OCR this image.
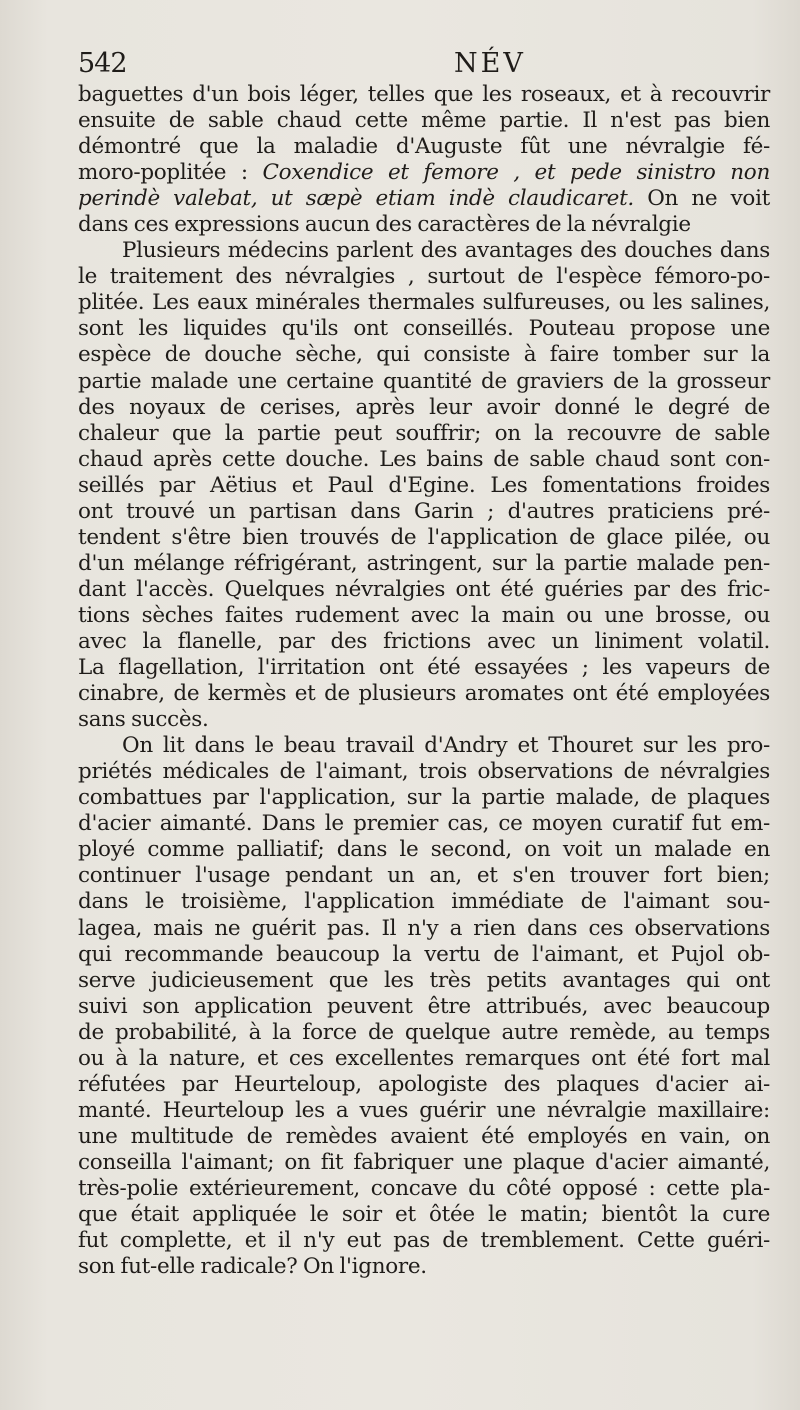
542	NÉV
baguettes d'un bois léger, telles que les roseaux, et à recouvrir
ensuite de sable chaud cette même partie. Il n'est pas bien
démontré que la maladie d'Auguste fût une névralgie fé-
moro-poplitée : Coxendice et femore , et pede sinistro non
perindè valebat, ut sæpè etiam indè claudicaret. On ne voit
dans ces expressions aucun des caractères de la névralgie
Plusieurs médecins parlent des avantages des douches dans
le traitement des névralgies , surtout de l'espèce fémoro-po-
plitée. Les eaux minérales thermales sulfureuses, ou les salines,
sont les liquides qu'ils ont conseillés. Pouteau propose une
espèce de douche sèche, qui consiste à faire tomber sur la
partie malade une certaine quantité de graviers de la grosseur
des noyaux de cerises, après leur avoir donné le degré de
chaleur que la partie peut souffrir; on la recouvre de sable
chaud après cette douche. Les bains de sable chaud sont con-
seillés par Aëtius et Paul d'Egine. Les fomentations froides
ont trouvé un partisan dans Garin ; d'autres praticiens pré-
tendent s'être bien trouvés de l'application de glace pilée, ou
d'un mélange réfrigérant, astringent, sur la partie malade pen-
dant l'accès. Quelques névralgies ont été guéries par des fric-
tions sèches faites rudement avec la main ou une brosse, ou
avec la flanelle, par des frictions avec un liniment volatil.
La flagellation, l'irritation ont été essayées ; les vapeurs de
cinabre, de kermès et de plusieurs aromates ont été employées
sans succès.
On lit dans le beau travail d'Andry et Thouret sur les pro-
priétés médicales de l'aimant, trois observations de névralgies
combattues par l'application, sur la partie malade, de plaques
d'acier aimanté. Dans le premier cas, ce moyen curatif fut em-
ployé comme palliatif; dans le second, on voit un malade en
continuer l'usage pendant un an, et s'en trouver fort bien;
dans le troisième, l'application immédiate de l'aimant sou-
lagea, mais ne guérit pas. Il n'y a rien dans ces observations
qui recommande beaucoup la vertu de l'aimant, et Pujol ob-
serve judicieusement que les très petits avantages qui ont
suivi son application peuvent être attribués, avec beaucoup
de probabilité, à la force de quelque autre remède, au temps
ou à la nature, et ces excellentes remarques ont été fort mal
réfutées par Heurteloup, apologiste des plaques d'acier ai-
manté. Heurteloup les a vues guérir une névralgie maxillaire:
une multitude de remèdes avaient été employés en vain, on
conseilla l'aimant; on fit fabriquer une plaque d'acier aimanté,
très-polie extérieurement, concave du côté opposé : cette pla-
que était appliquée le soir et ôtée le matin; bientôt la cure
fut complette, et il n'y eut pas de tremblement. Cette guéri-
son fut-elle radicale? On l'ignore.
